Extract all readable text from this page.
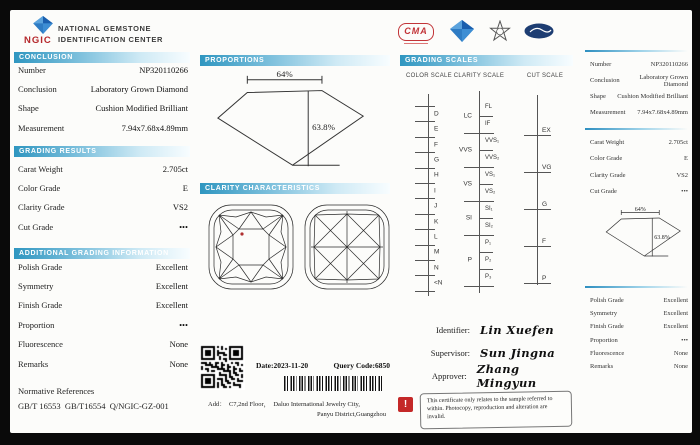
NGIC
NATIONAL GEMSTONE
IDENTIFICATION CENTER
CMA
CONCLUSION
Number	NP320110266
Conclusion	Laboratory Grown Diamond
Shape	Cushion Modified Brilliant
Measurement	7.94x7.68x4.89mm
GRADING RESULTS
Carat Weight	2.705ct
Color Grade	E
Clarity Grade	VS2
Cut Grade	•••
ADDITIONAL GRADING INFORMATION
Polish Grade	Excellent
Symmetry	Excellent
Finish Grade	Excellent
Proportion	•••
Fluorescence	None
Remarks	None
Normative References
GB/T 16553  GB/T16554  Q/NGIC-GZ-001
PROPORTIONS
64%
63.8%
CLARITY CHARACTERISTICS
Date:2023-11-20	Query Code:6850
Add：  C7,2nd Floor，  Daluo International Jewelry City,
Panyu District,Guangzhou
GRADING SCALES
COLOR SCALE CLARITY SCALE	CUT SCALE
D
E
F
G
H
I
J
K
L
M
N
<N
FL
IF
VVS₁
VVS₂
VS₁
VS₂
SI₁
SI₂
P₁
P₂
P₃
LC
VVS
VS
SI
P
EX
VG
G
F
P
Identifier: Lin Xuefen
Supervisor: Sun Jingna
Approver: Zhang Mingyun
!	This certificate only relates to the sample referred to within. Photocopy, reproduction and alteration are invalid.
Number	NP320110266
Conclusion	Laboratory Grown Diamond
Shape Cushion Modified Brilliant
Measurement 7.94x7.68x4.89mm
Carat Weight	2.705ct
Color Grade	E
Clarity Grade	VS2
Cut Grade	•••
64%
63.8%
Polish Grade	Excellent
Symmetry	Excellent
Finish Grade	Excellent
Proportion	•••
Fluorescence	None
Remarks	None
